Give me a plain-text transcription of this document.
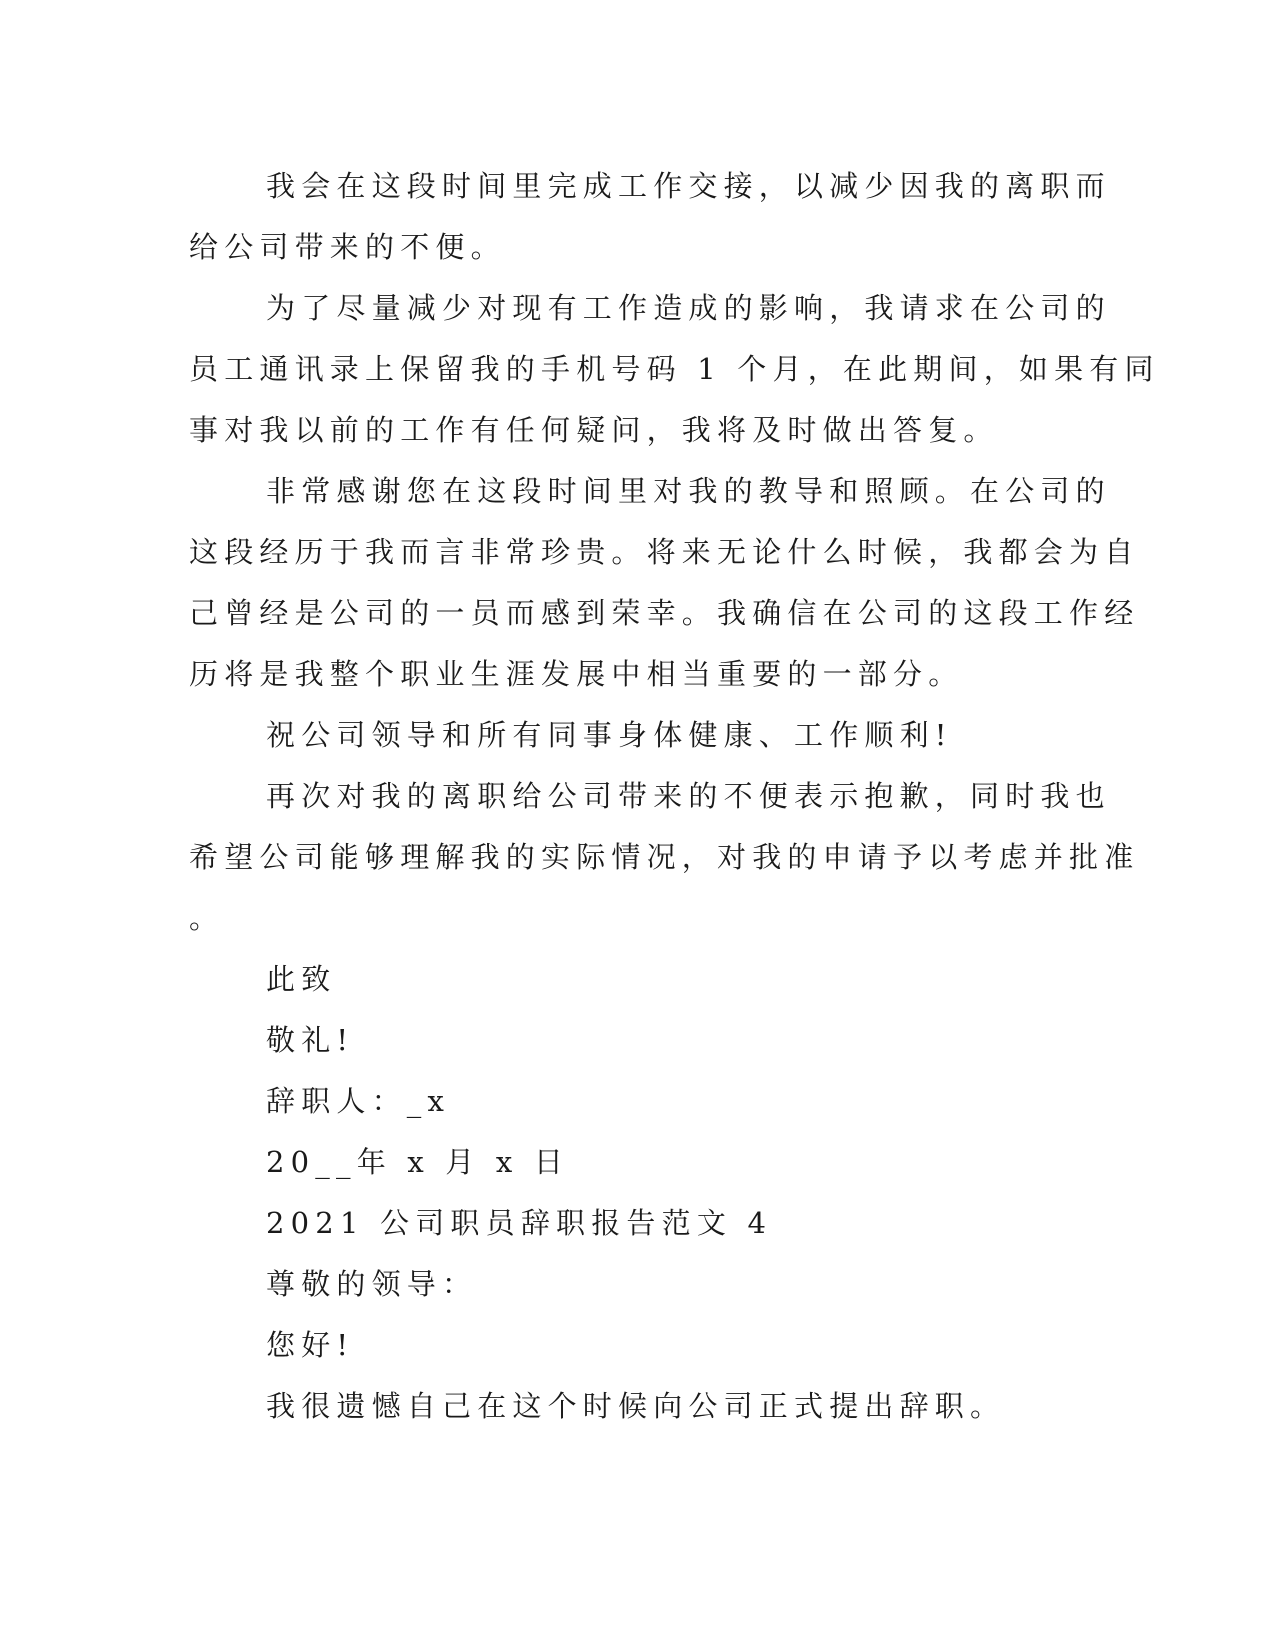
我会在这段时间里完成工作交接，以减少因我的离职而
给公司带来的不便。
为了尽量减少对现有工作造成的影响，我请求在公司的
员工通讯录上保留我的手机号码 1 个月，在此期间，如果有同
事对我以前的工作有任何疑问，我将及时做出答复。
非常感谢您在这段时间里对我的教导和照顾。在公司的
这段经历于我而言非常珍贵。将来无论什么时候，我都会为自
己曾经是公司的一员而感到荣幸。我确信在公司的这段工作经
历将是我整个职业生涯发展中相当重要的一部分。
祝公司领导和所有同事身体健康、工作顺利!
再次对我的离职给公司带来的不便表示抱歉，同时我也
希望公司能够理解我的实际情况，对我的申请予以考虑并批准
。
此致
敬礼!
辞职人：_x
20__年 x 月 x 日
2021 公司职员辞职报告范文 4
尊敬的领导：
您好!
我很遗憾自己在这个时候向公司正式提出辞职。
